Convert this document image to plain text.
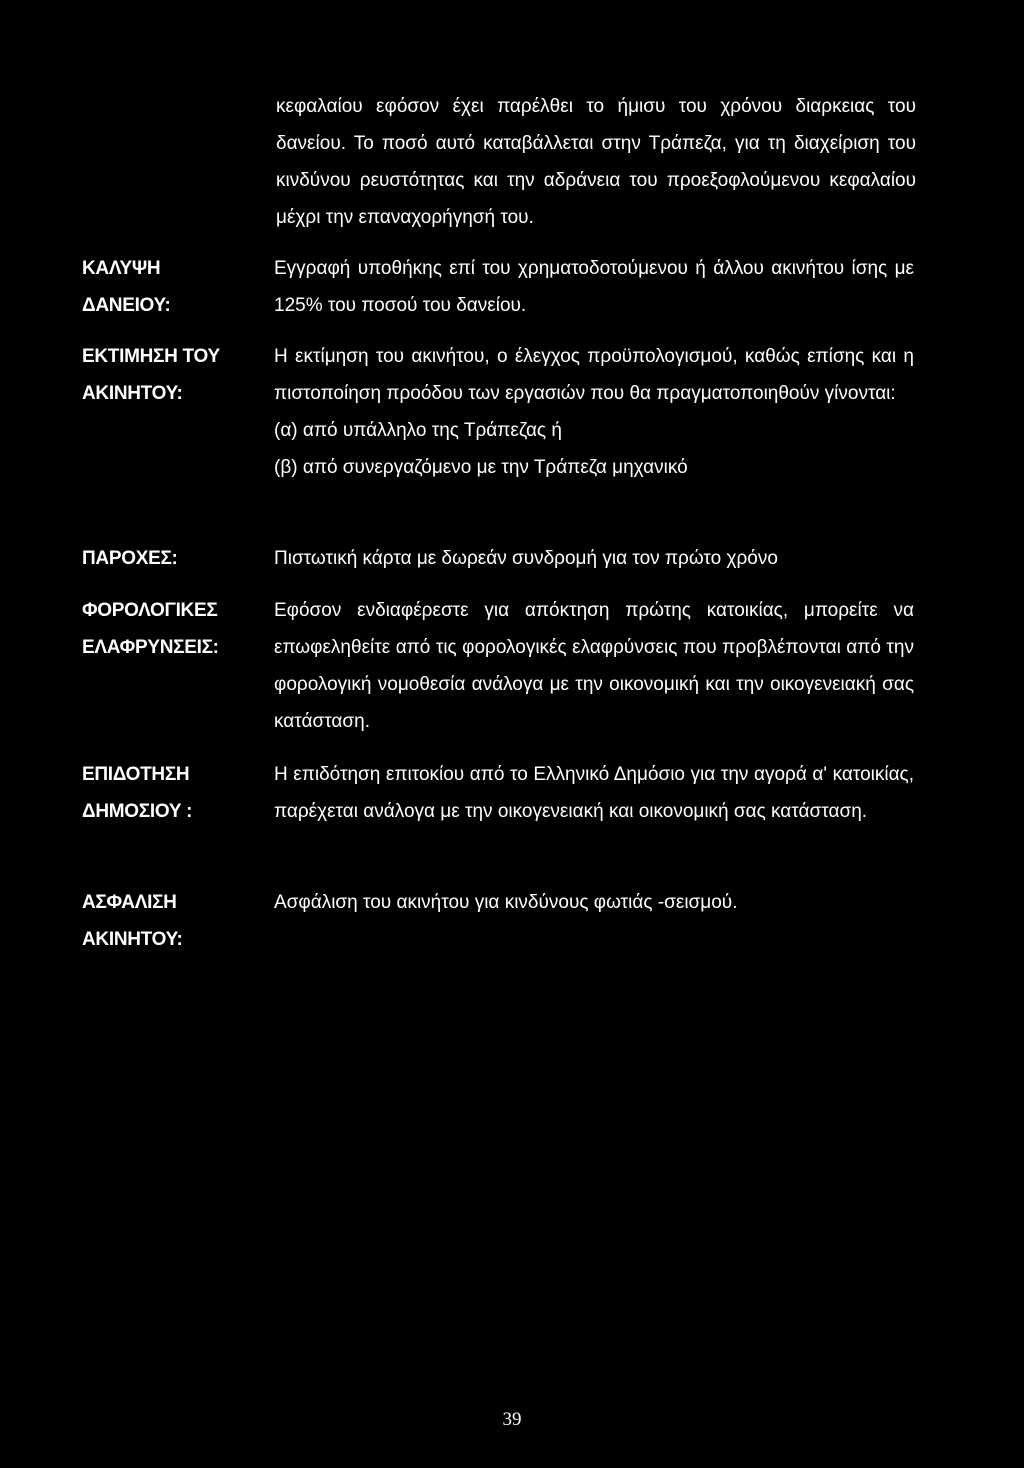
κεφαλαίου εφόσον έχει παρέλθει το ήμισυ του χρόνου διαρκειας του δανείου. Το ποσό αυτό καταβάλλεται στην Τράπεζα, για τη διαχείριση του κινδύνου ρευστότητας και την αδράνεια του προεξοφλούμενου κεφαλαίου μέχρι την επαναχορήγησή του.
ΚΑΛΥΨΗ
ΔΑΝΕΙΟΥ:
Εγγραφή υποθήκης επί του χρηματοδοτούμενου ή άλλου ακινήτου ίσης με 125% του ποσού του δανείου.
ΕΚΤΙΜΗΣΗ ΤΟΥ
ΑΚΙΝΗΤΟΥ:
Η εκτίμηση του ακινήτου, ο έλεγχος προϋπολογισμού, καθώς επίσης και η πιστοποίηση προόδου των εργασιών που θα πραγματοποιηθούν γίνονται:
(α) από υπάλληλο της Τράπεζας ή
(β) από συνεργαζόμενο με την Τράπεζα μηχανικό
ΠΑΡΟΧΕΣ:	Πιστωτική κάρτα με δωρεάν συνδρομή για τον πρώτο χρόνο
ΦΟΡΟΛΟΓΙΚΕΣ
ΕΛΑΦΡΥΝΣΕΙΣ:
Εφόσον ενδιαφέρεστε για απόκτηση πρώτης κατοικίας, μπορείτε να επωφεληθείτε από τις φορολογικές ελαφρύνσεις που προβλέπονται από την φορολογική νομοθεσία ανάλογα με την οικονομική και την οικογενειακή σας κατάσταση.
ΕΠΙΔΟΤΗΣΗ
ΔΗΜΟΣΙΟΥ :
Η επιδότηση επιτοκίου από το Ελληνικό Δημόσιο για την αγορά α' κατοικίας, παρέχεται ανάλογα με την οικογενειακή και οικονομική σας κατάσταση.
ΑΣΦΑΛΙΣΗ
ΑΚΙΝΗΤΟΥ:
Ασφάλιση του ακινήτου για κινδύνους φωτιάς -σεισμού.
39
